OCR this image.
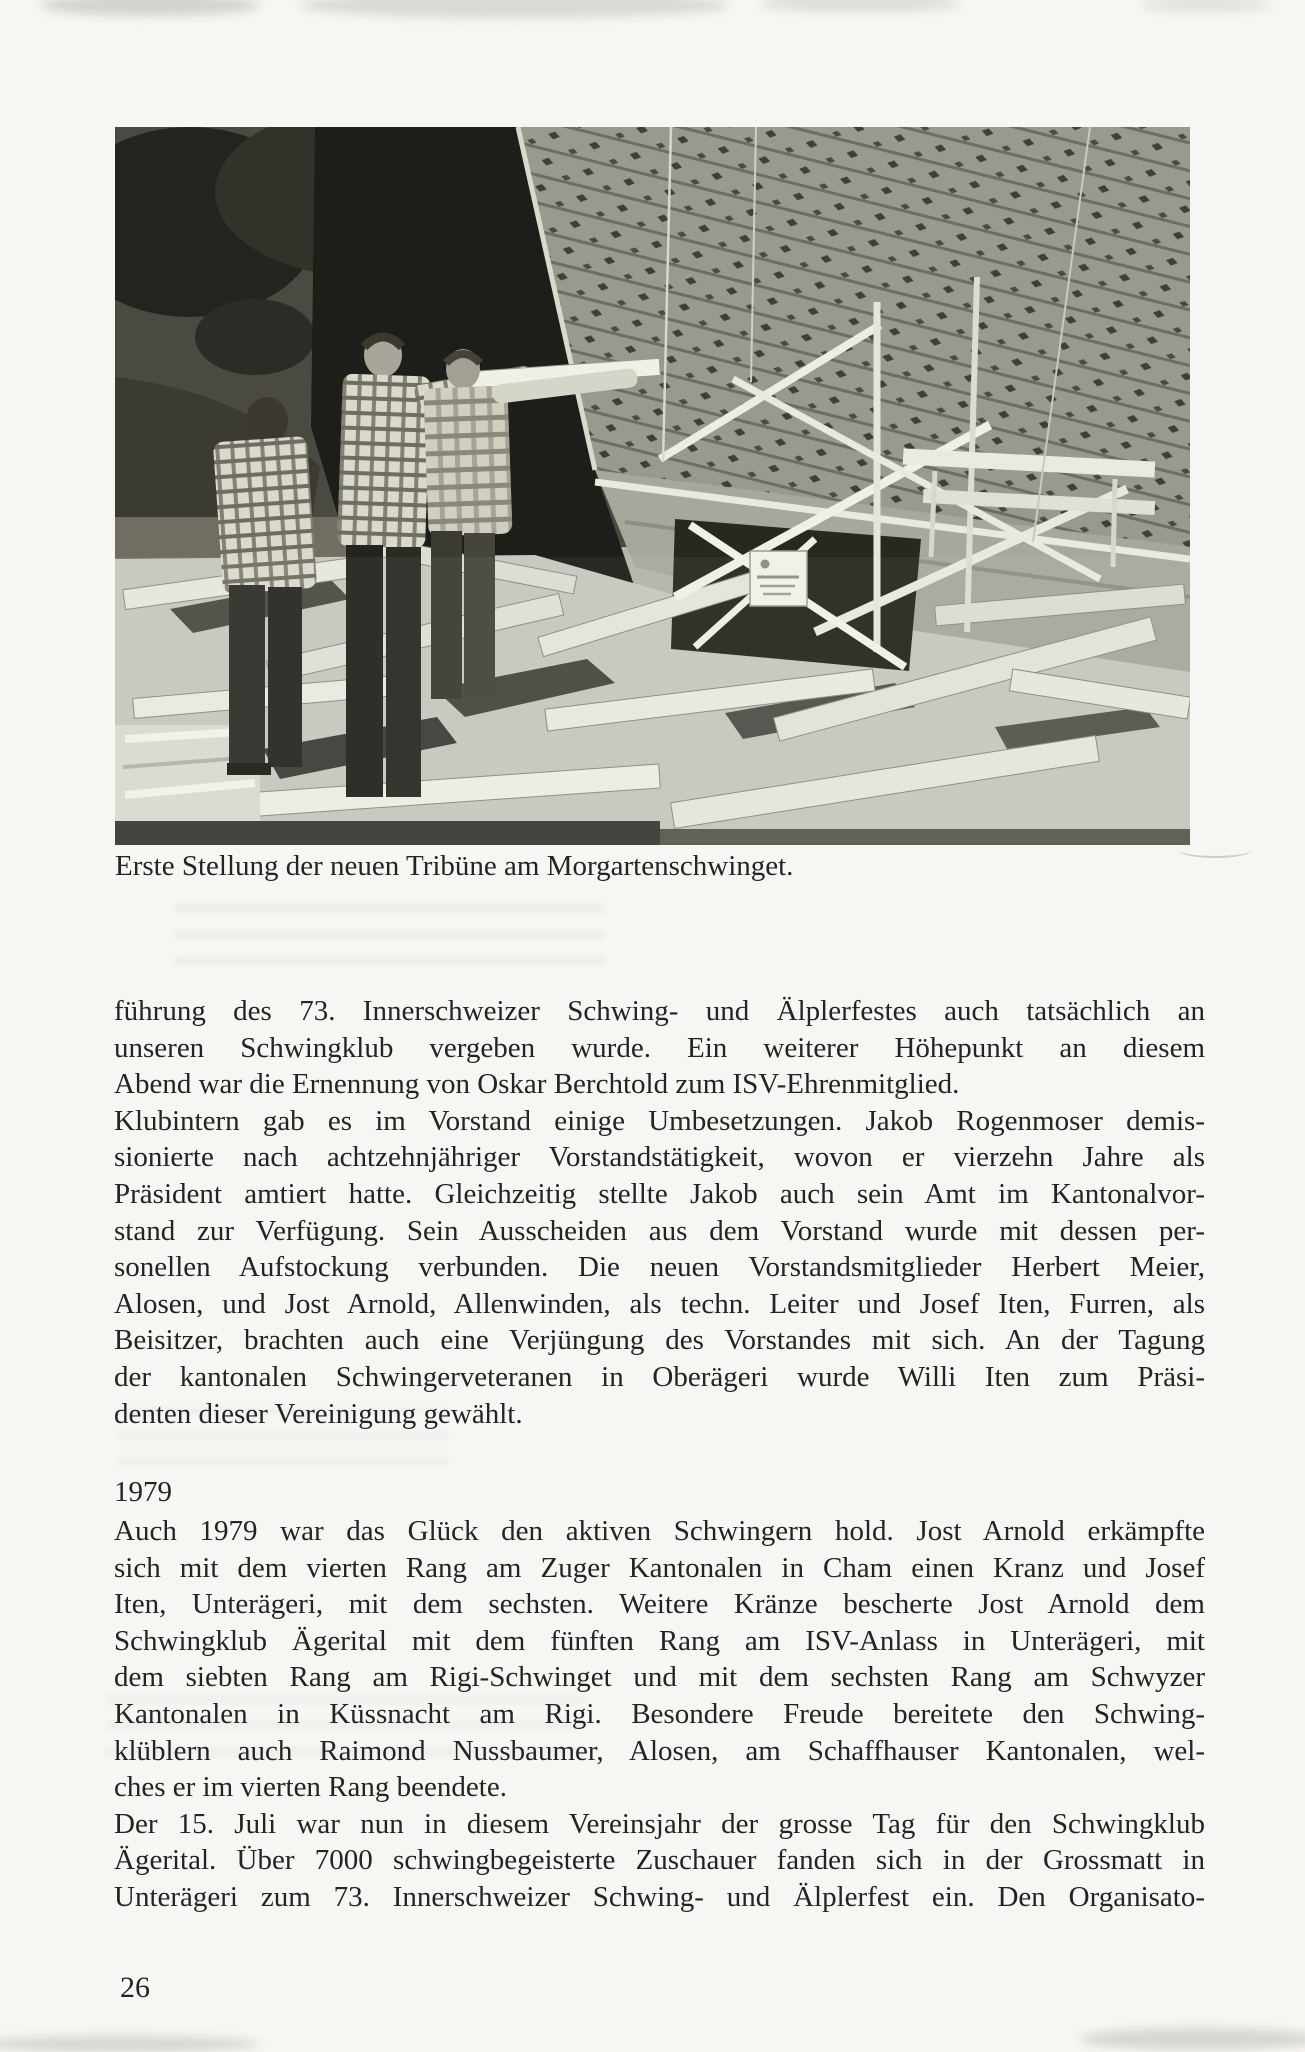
Erste Stellung der neuen Tribüne am Morgartenschwinget.
führung des 73. Innerschweizer Schwing- und Älplerfestes auch tatsächlich an
unseren Schwingklub vergeben wurde. Ein weiterer Höhepunkt an diesem
Abend war die Ernennung von Oskar Berchtold zum ISV-Ehrenmitglied.
Klubintern gab es im Vorstand einige Umbesetzungen. Jakob Rogenmoser demis-
sionierte nach achtzehnjähriger Vorstandstätigkeit, wovon er vierzehn Jahre als
Präsident amtiert hatte. Gleichzeitig stellte Jakob auch sein Amt im Kantonalvor-
stand zur Verfügung. Sein Ausscheiden aus dem Vorstand wurde mit dessen per-
sonellen Aufstockung verbunden. Die neuen Vorstandsmitglieder Herbert Meier,
Alosen, und Jost Arnold, Allenwinden, als techn. Leiter und Josef Iten, Furren, als
Beisitzer, brachten auch eine Verjüngung des Vorstandes mit sich. An der Tagung
der kantonalen Schwingerveteranen in Oberägeri wurde Willi Iten zum Präsi-
denten dieser Vereinigung gewählt.
1979
Auch 1979 war das Glück den aktiven Schwingern hold. Jost Arnold erkämpfte
sich mit dem vierten Rang am Zuger Kantonalen in Cham einen Kranz und Josef
Iten, Unterägeri, mit dem sechsten. Weitere Kränze bescherte Jost Arnold dem
Schwingklub Ägerital mit dem fünften Rang am ISV-Anlass in Unterägeri, mit
dem siebten Rang am Rigi-Schwinget und mit dem sechsten Rang am Schwyzer
Kantonalen in Küssnacht am Rigi. Besondere Freude bereitete den Schwing-
klüblern auch Raimond Nussbaumer, Alosen, am Schaffhauser Kantonalen, wel-
ches er im vierten Rang beendete.
Der 15. Juli war nun in diesem Vereinsjahr der grosse Tag für den Schwingklub
Ägerital. Über 7000 schwingbegeisterte Zuschauer fanden sich in der Grossmatt in
Unterägeri zum 73. Innerschweizer Schwing- und Älplerfest ein. Den Organisato-
26
